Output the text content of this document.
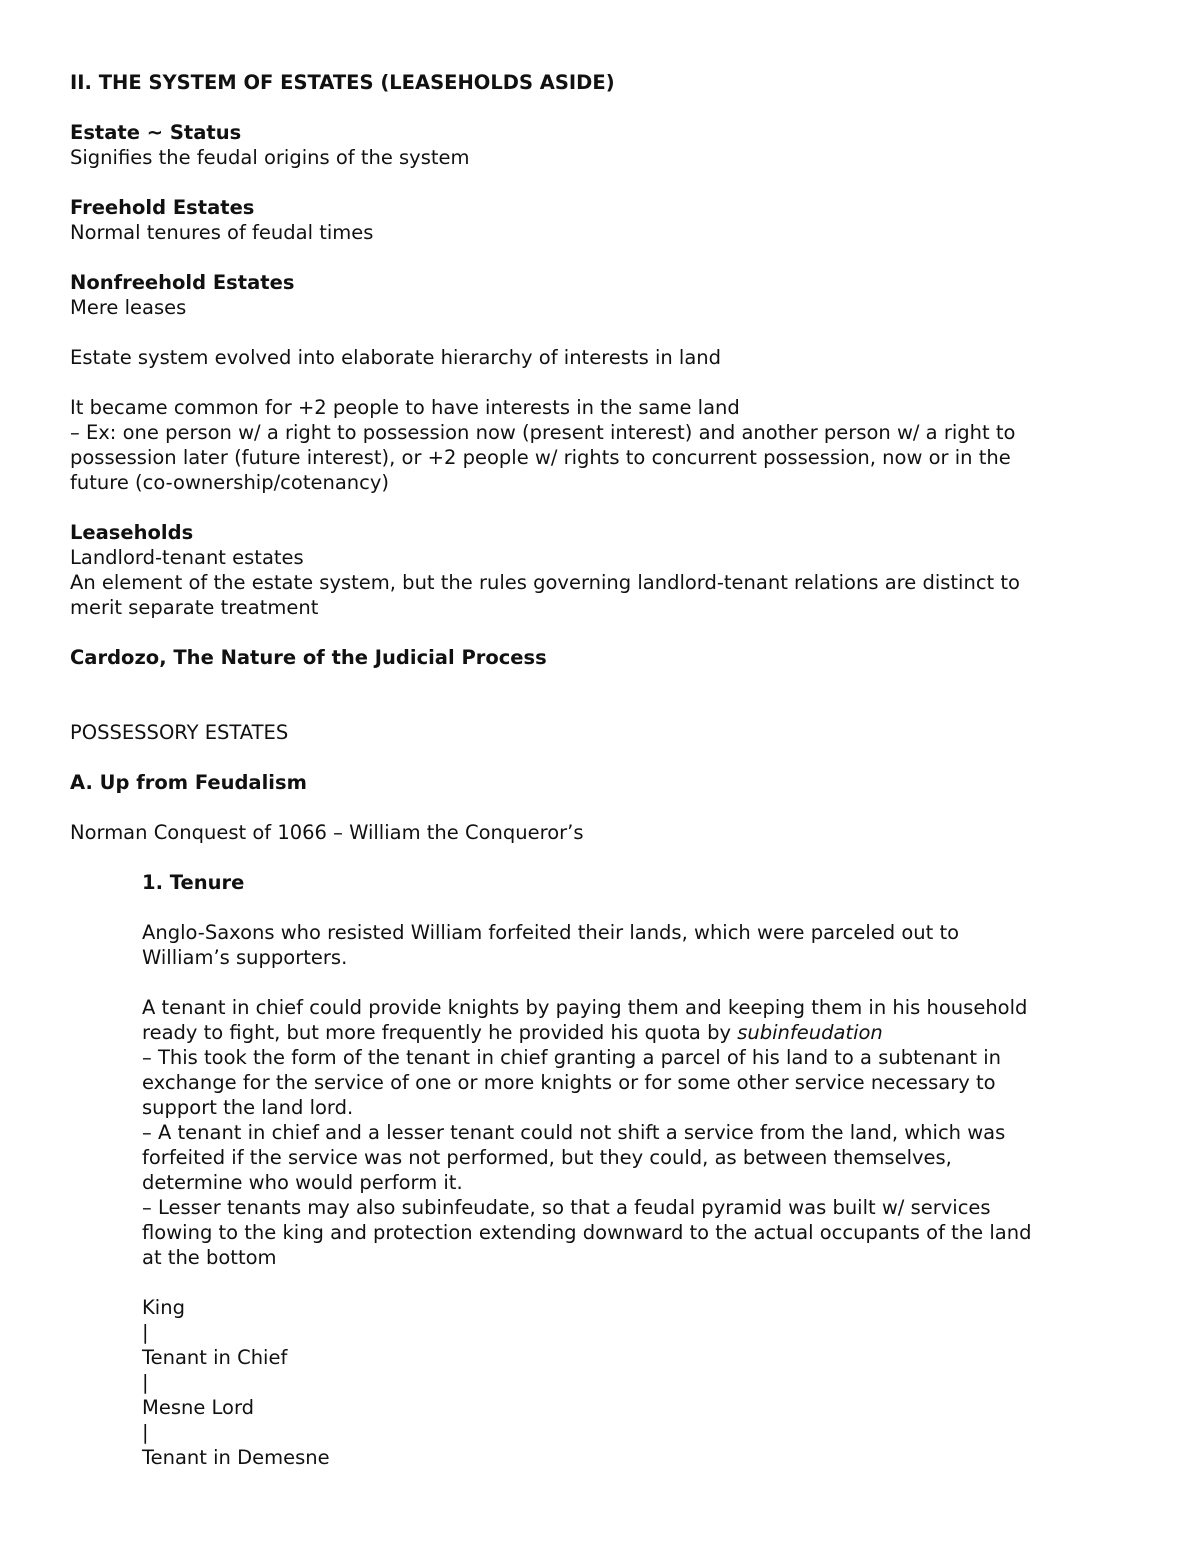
II. THE SYSTEM OF ESTATES (LEASEHOLDS ASIDE)
Estate ~ Status
Signifies the feudal origins of the system
Freehold Estates
Normal tenures of feudal times
Nonfreehold Estates
Mere leases
Estate system evolved into elaborate hierarchy of interests in land
It became common for +2 people to have interests in the same land
– Ex: one person w/ a right to possession now (present interest) and another person w/ a right to
possession later (future interest), or +2 people w/ rights to concurrent possession, now or in the
future (co-ownership/cotenancy)
Leaseholds
Landlord-tenant estates
An element of the estate system, but the rules governing landlord-tenant relations are distinct to
merit separate treatment
Cardozo, The Nature of the Judicial Process
POSSESSORY ESTATES
A. Up from Feudalism
Norman Conquest of 1066 – William the Conqueror’s
1. Tenure
Anglo-Saxons who resisted William forfeited their lands, which were parceled out to
William’s supporters.
A tenant in chief could provide knights by paying them and keeping them in his household
ready to fight, but more frequently he provided his quota by subinfeudation
– This took the form of the tenant in chief granting a parcel of his land to a subtenant in
exchange for the service of one or more knights or for some other service necessary to
support the land lord.
– A tenant in chief and a lesser tenant could not shift a service from the land, which was
forfeited if the service was not performed, but they could, as between themselves,
determine who would perform it.
– Lesser tenants may also subinfeudate, so that a feudal pyramid was built w/ services
flowing to the king and protection extending downward to the actual occupants of the land
at the bottom
King
|
Tenant in Chief
|
Mesne Lord
|
Tenant in Demesne
